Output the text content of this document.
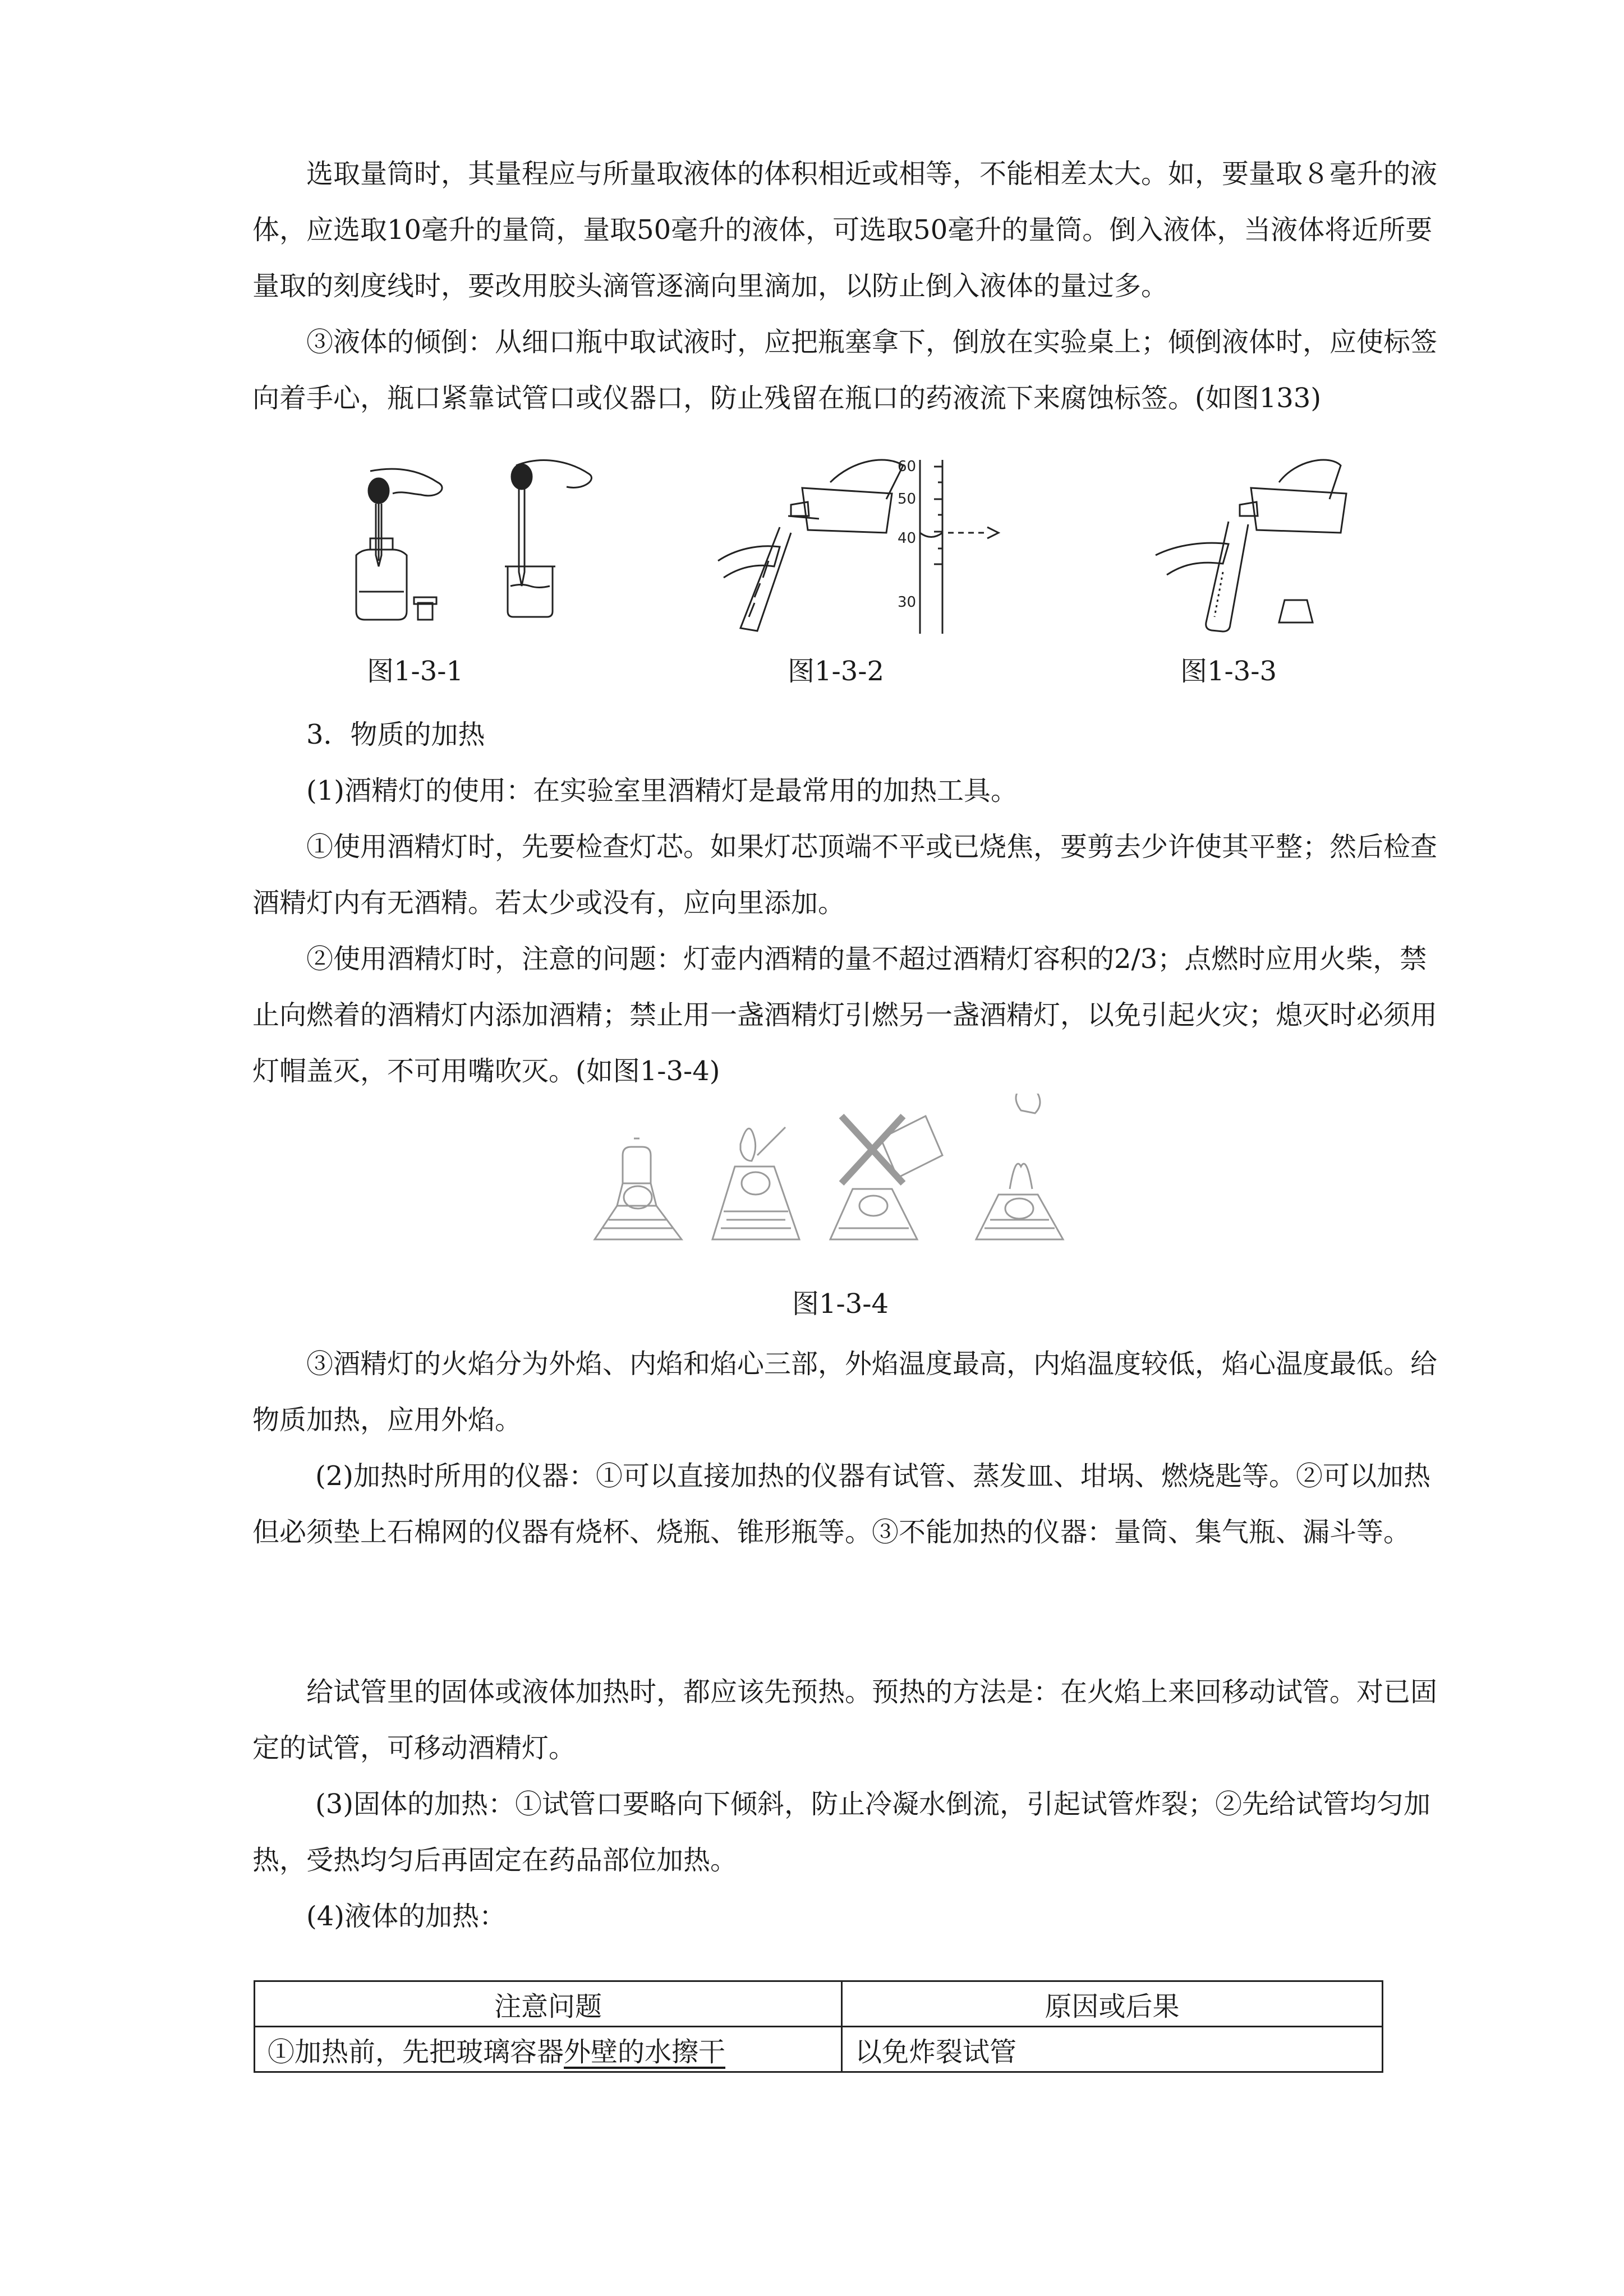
选取量筒时，其量程应与所量取液体的体积相近或相等，不能相差太大。如，要量取８毫升的液体，应选取10毫升的量筒，量取50毫升的液体，可选取50毫升的量筒。倒入液体，当液体将近所要量取的刻度线时，要改用胶头滴管逐滴向里滴加，以防止倒入液体的量过多。

③液体的倾倒：从细口瓶中取试液时，应把瓶塞拿下，倒放在实验桌上；倾倒液体时，应使标签向着手心，瓶口紧靠试管口或仪器口，防止残留在瓶口的药液流下来腐蚀标签。(如图133)

图1-3-1
60
50
40
30
图1-3-2	图1-3-3

3．物质的加热

(1)酒精灯的使用：在实验室里酒精灯是最常用的加热工具。

①使用酒精灯时，先要检查灯芯。如果灯芯顶端不平或已烧焦，要剪去少许使其平整；然后检查酒精灯内有无酒精。若太少或没有，应向里添加。

②使用酒精灯时，注意的问题：灯壶内酒精的量不超过酒精灯容积的2/3；点燃时应用火柴，禁止向燃着的酒精灯内添加酒精；禁止用一盏酒精灯引燃另一盏酒精灯，以免引起火灾；熄灭时必须用灯帽盖灭，不可用嘴吹灭。(如图1-3-4)

图1-3-4

③酒精灯的火焰分为外焰、内焰和焰心三部，外焰温度最高，内焰温度较低，焰心温度最低。给物质加热，应用外焰。

(2)加热时所用的仪器：①可以直接加热的仪器有试管、蒸发皿、坩埚、燃烧匙等。②可以加热但必须垫上石棉网的仪器有烧杯、烧瓶、锥形瓶等。③不能加热的仪器：量筒、集气瓶、漏斗等。

给试管里的固体或液体加热时，都应该先预热。预热的方法是：在火焰上来回移动试管。对已固定的试管，可移动酒精灯。

(3)固体的加热：①试管口要略向下倾斜，防止冷凝水倒流，引起试管炸裂；②先给试管均匀加热，受热均匀后再固定在药品部位加热。

(4)液体的加热：

注意问题	原因或后果
①加热前，先把玻璃容器外壁的水擦干	以免炸裂试管
